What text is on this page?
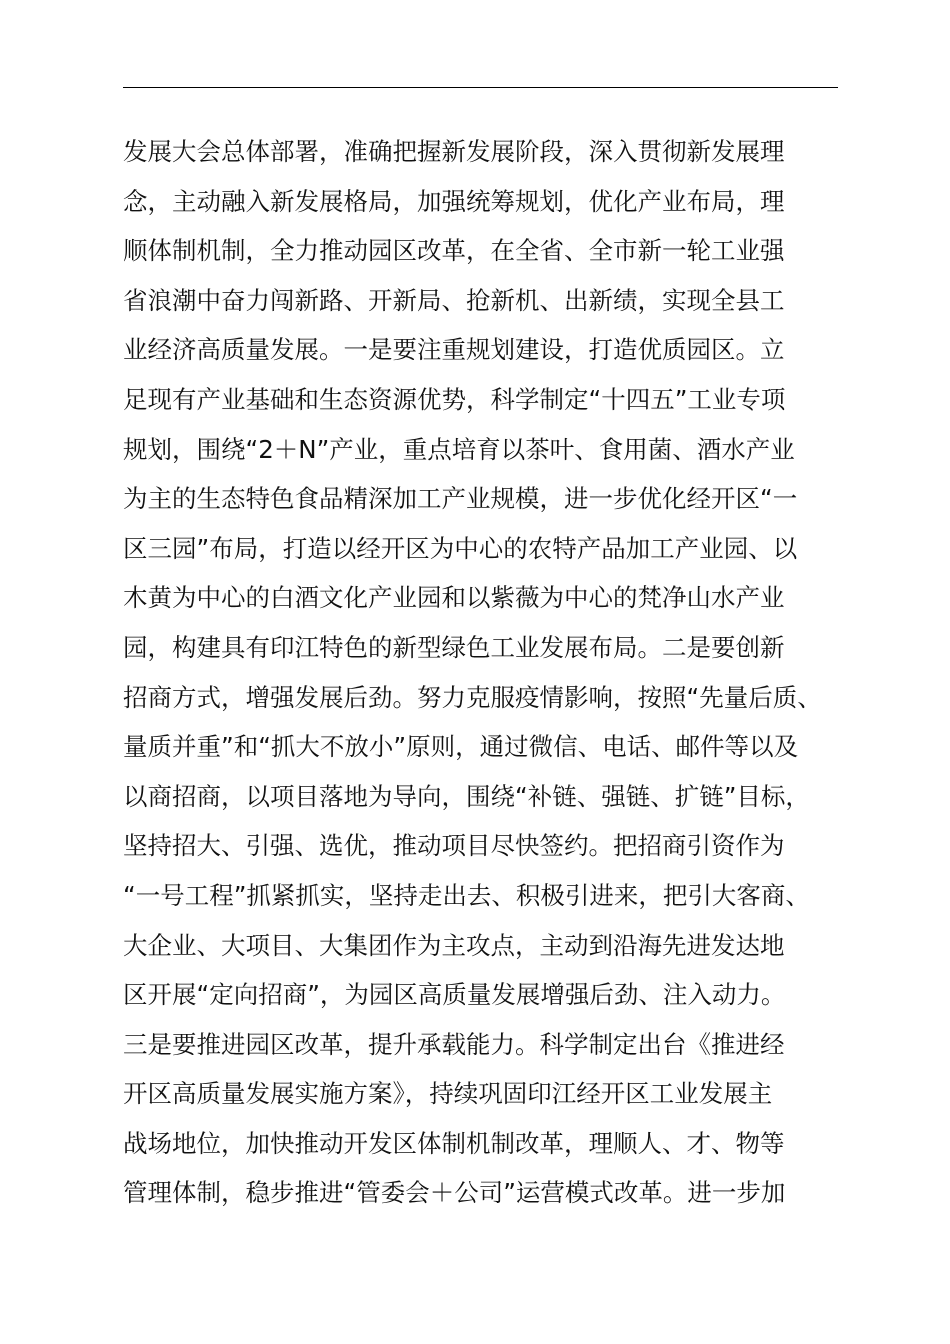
发展大会总体部署，准确把握新发展阶段，深入贯彻新发展理
念，主动融入新发展格局，加强统筹规划，优化产业布局，理
顺体制机制，全力推动园区改革，在全省、全市新一轮工业强
省浪潮中奋力闯新路、开新局、抢新机、出新绩，实现全县工
业经济高质量发展。一是要注重规划建设，打造优质园区。立
足现有产业基础和生态资源优势，科学制定“十四五”工业专项
规划，围绕“2＋N”产业，重点培育以茶叶、食用菌、酒水产业
为主的生态特色食品精深加工产业规模，进一步优化经开区“一
区三园”布局，打造以经开区为中心的农特产品加工产业园、以
木黄为中心的白酒文化产业园和以紫薇为中心的梵净山水产业
园，构建具有印江特色的新型绿色工业发展布局。二是要创新
招商方式，增强发展后劲。努力克服疫情影响，按照“先量后质、
量质并重”和“抓大不放小”原则，通过微信、电话、邮件等以及
以商招商，以项目落地为导向，围绕“补链、强链、扩链”目标，
坚持招大、引强、选优，推动项目尽快签约。把招商引资作为
“一号工程”抓紧抓实，坚持走出去、积极引进来，把引大客商、
大企业、大项目、大集团作为主攻点，主动到沿海先进发达地
区开展“定向招商”，为园区高质量发展增强后劲、注入动力。
三是要推进园区改革，提升承载能力。科学制定出台《推进经
开区高质量发展实施方案》，持续巩固印江经开区工业发展主
战场地位，加快推动开发区体制机制改革，理顺人、才、物等
管理体制，稳步推进“管委会＋公司”运营模式改革。进一步加
